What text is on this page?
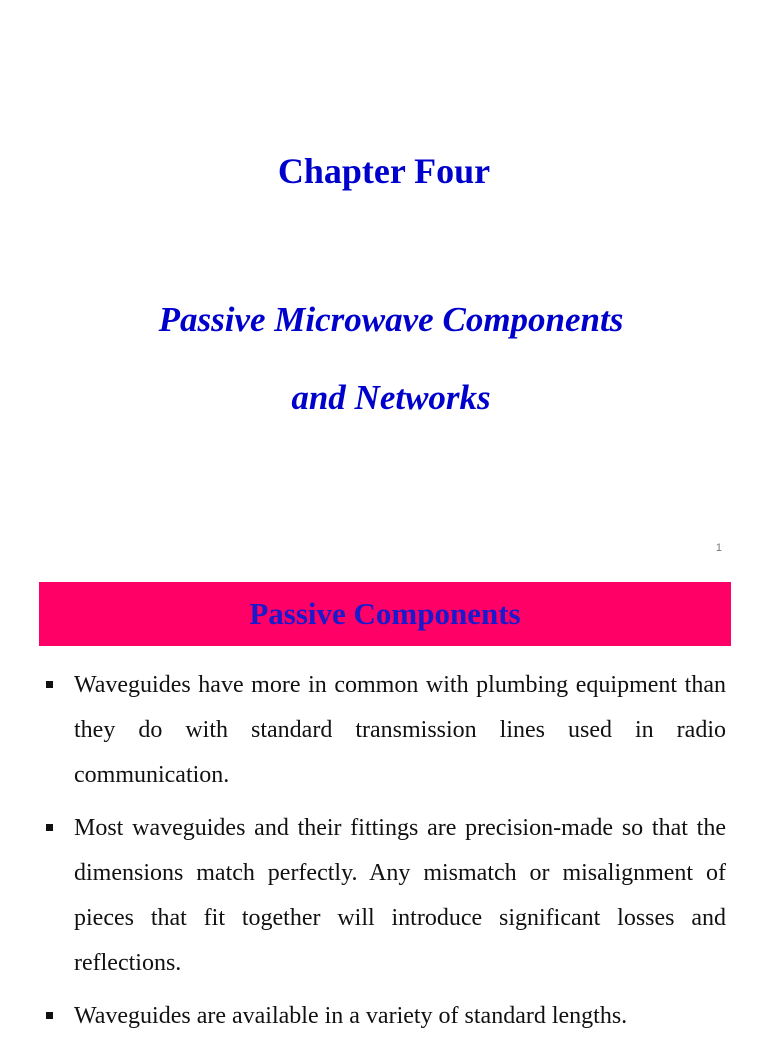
Chapter Four
Passive Microwave Components
and Networks
1
Passive Components
Waveguides have more in common with plumbing equipment than they do with standard transmission lines used in radio communication.
Most waveguides and their fittings are precision-made so that the dimensions match perfectly. Any mismatch or misalignment of pieces that fit together will introduce significant losses and reflections.
Waveguides are available in a variety of standard lengths.
